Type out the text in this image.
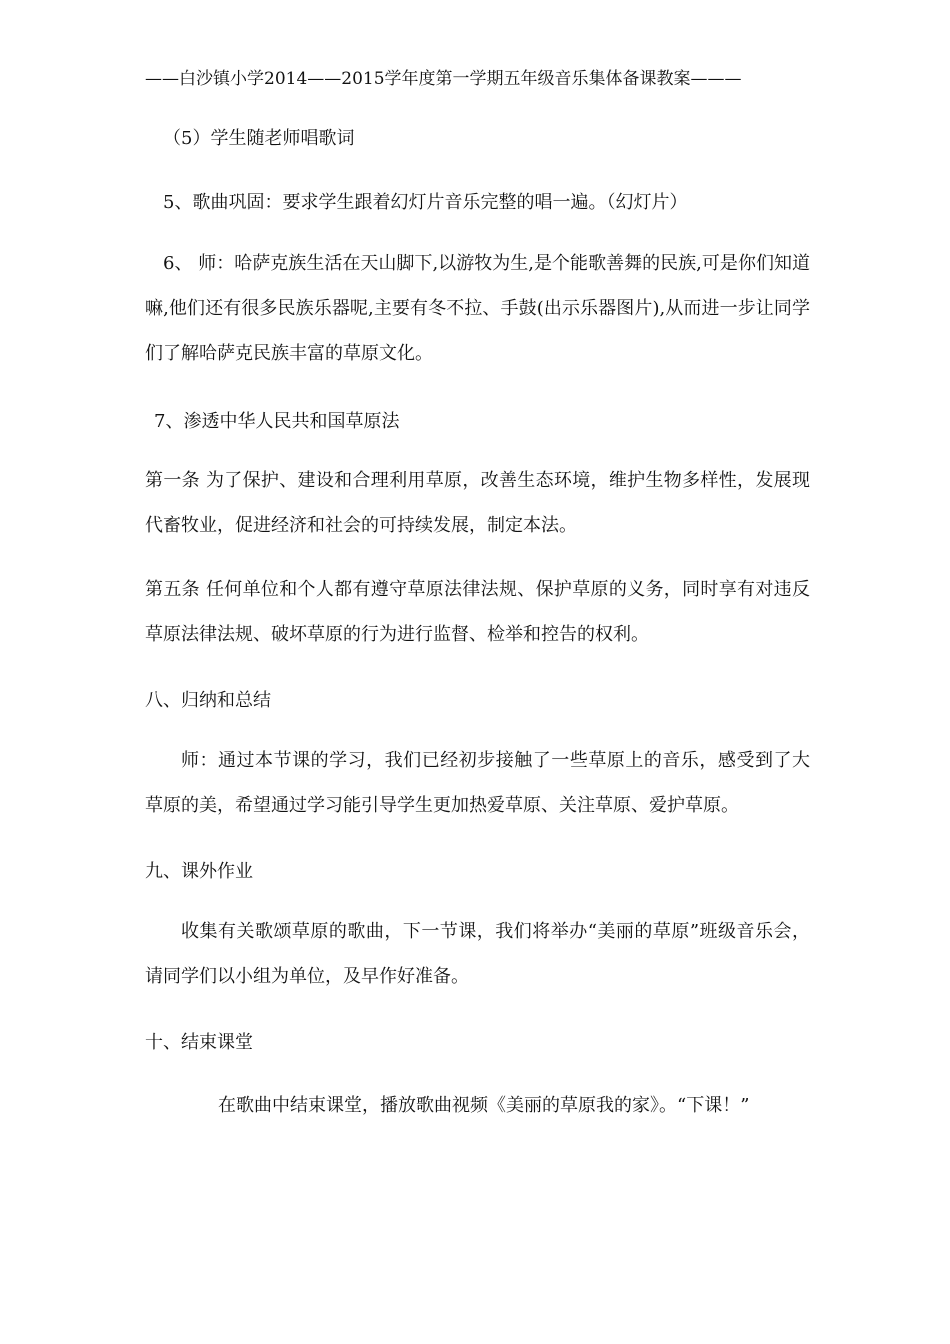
——白沙镇小学2014——2015学年度第一学期五年级音乐集体备课教案———
（5）学生随老师唱歌词
5、歌曲巩固：要求学生跟着幻灯片音乐完整的唱一遍。（幻灯片）
6、 师：哈萨克族生活在天山脚下,以游牧为生,是个能歌善舞的民族,可是你们知道嘛,他们还有很多民族乐器呢,主要有冬不拉、手鼓(出示乐器图片),从而进一步让同学们了解哈萨克民族丰富的草原文化。
7、渗透中华人民共和国草原法
第一条 为了保护、建设和合理利用草原，改善生态环境，维护生物多样性，发展现代畜牧业，促进经济和社会的可持续发展，制定本法。
第五条 任何单位和个人都有遵守草原法律法规、保护草原的义务，同时享有对违反草原法律法规、破坏草原的行为进行监督、检举和控告的权利。
八、归纳和总结
师：通过本节课的学习，我们已经初步接触了一些草原上的音乐，感受到了大草原的美，希望通过学习能引导学生更加热爱草原、关注草原、爱护草原。
九、课外作业
收集有关歌颂草原的歌曲，下一节课，我们将举办“美丽的草原”班级音乐会，请同学们以小组为单位，及早作好准备。
十、结束课堂
在歌曲中结束课堂，播放歌曲视频《美丽的草原我的家》。“下课！”
